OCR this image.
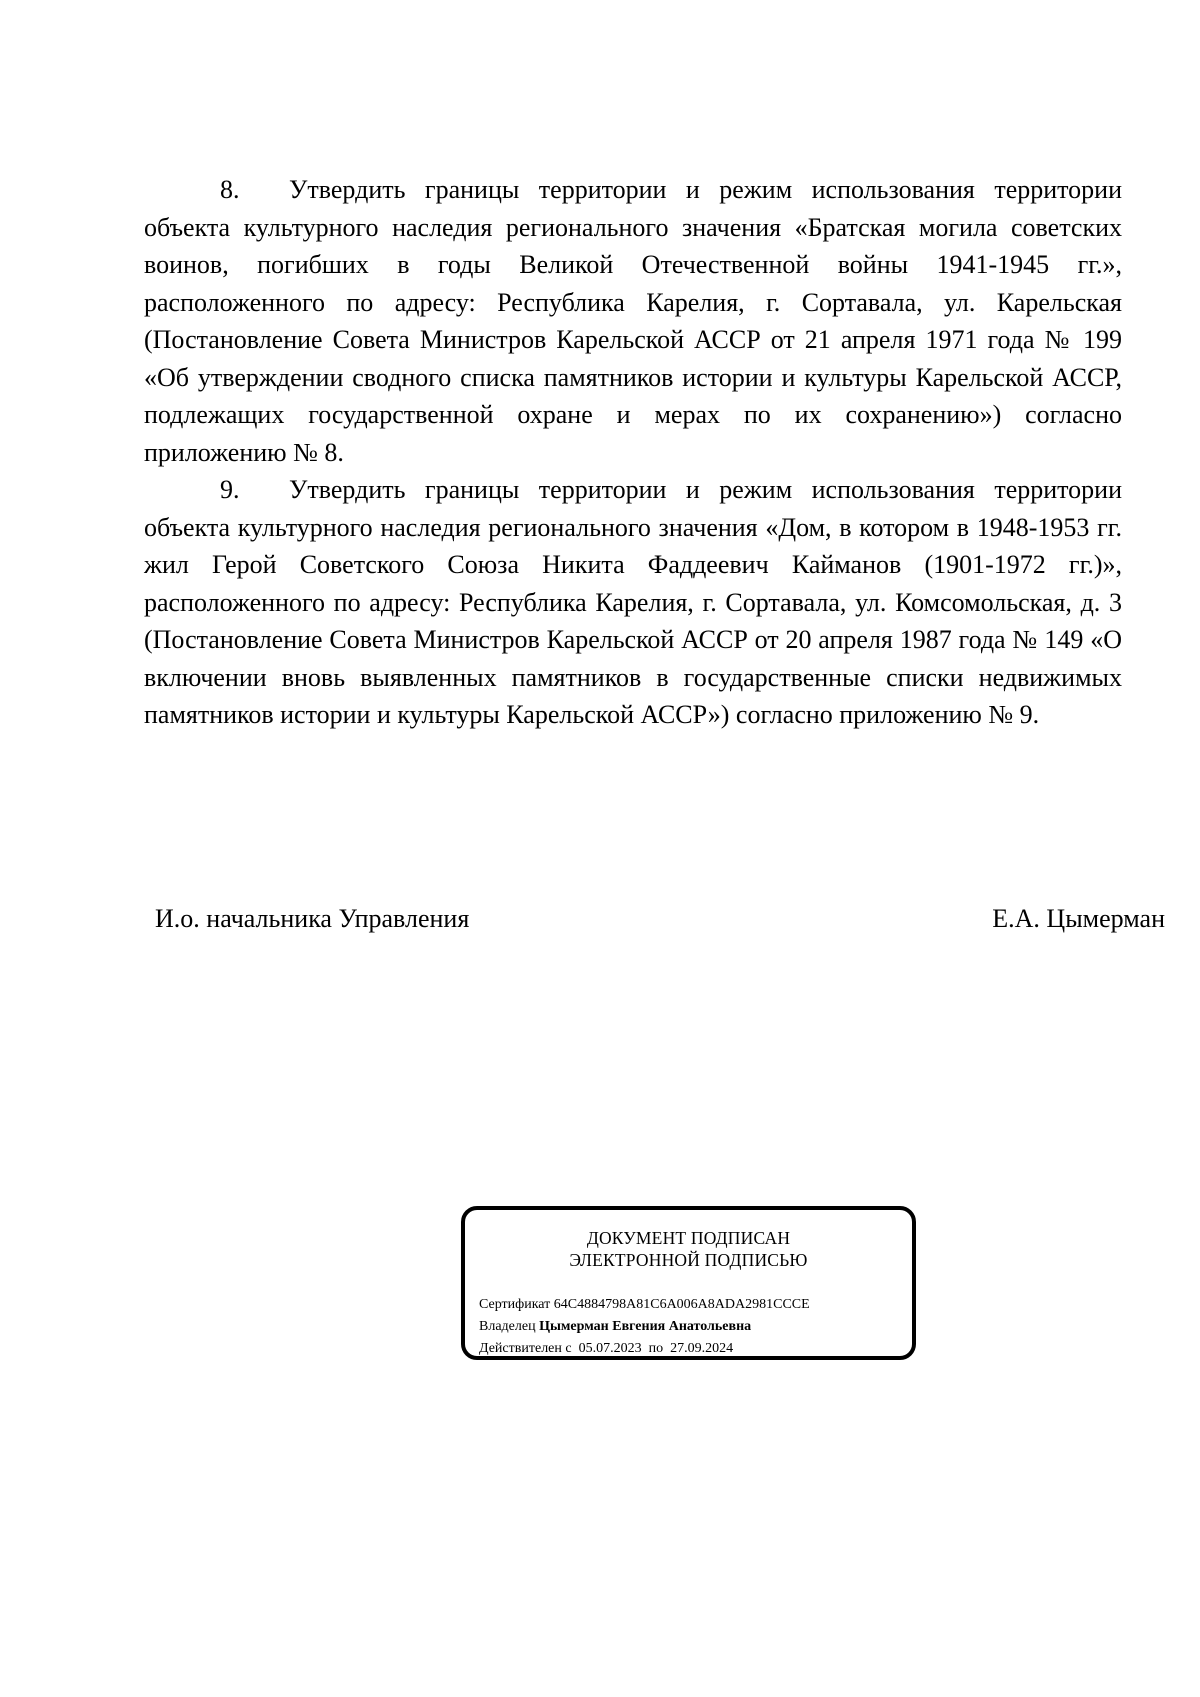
8. Утвердить границы территории и режим использования территории объекта культурного наследия регионального значения «Братская могила советских воинов, погибших в годы Великой Отечественной войны 1941-1945 гг.», расположенного по адресу: Республика Карелия, г. Сортавала, ул. Карельская (Постановление Совета Министров Карельской АССР от 21 апреля 1971 года № 199 «Об утверждении сводного списка памятников истории и культуры Карельской АССР, подлежащих государственной охране и мерах по их сохранению») согласно приложению № 8.

9. Утвердить границы территории и режим использования территории объекта культурного наследия регионального значения «Дом, в котором в 1948-1953 гг. жил Герой Советского Союза Никита Фаддеевич Кайманов (1901-1972 гг.)», расположенного по адресу: Республика Карелия, г. Сортавала, ул. Комсомольская, д. 3 (Постановление Совета Министров Карельской АССР от 20 апреля 1987 года № 149 «О включении вновь выявленных памятников в государственные списки недвижимых памятников истории и культуры Карельской АССР») согласно приложению № 9.

И.о. начальника Управления	Е.А. Цымерман
ДОКУМЕНТ ПОДПИСАН
ЭЛЕКТРОННОЙ ПОДПИСЬЮ
Сертификат 64C4884798A81C6A006A8ADA2981CCCE
Владелец Цымерман Евгения Анатольевна
Действителен с 05.07.2023 по 27.09.2024
